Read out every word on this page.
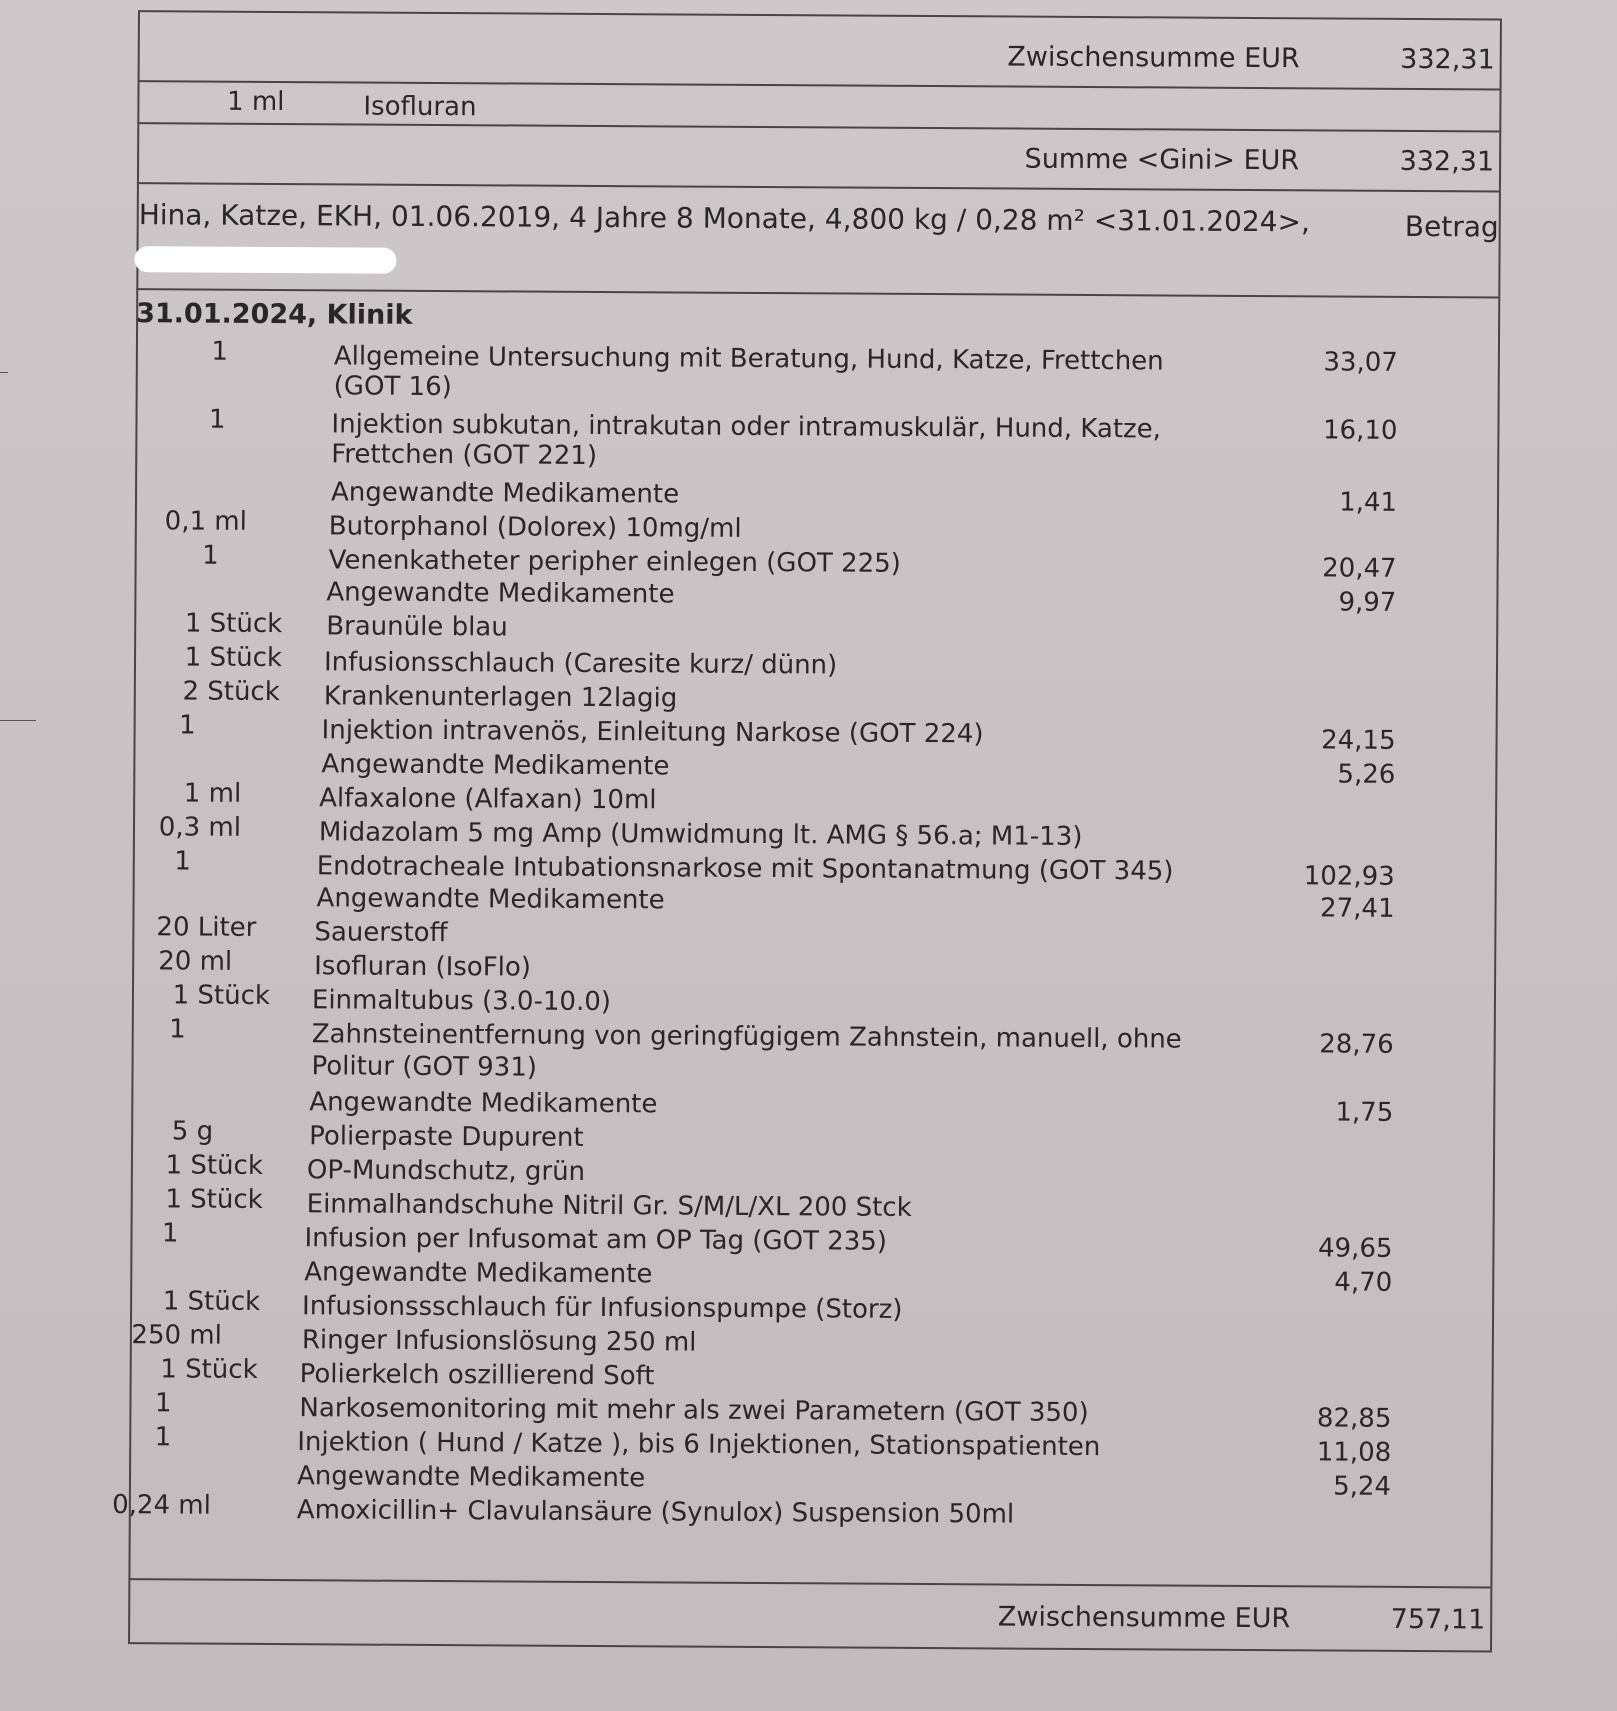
Zwischensumme EUR	332,31
1 ml	Isofluran
Summe <Gini> EUR	332,31
Hina, Katze, EKH, 01.06.2019, 4 Jahre 8 Monate, 4,800 kg / 0,28 m² <31.01.2024>,	Betrag
31.01.2024, Klinik
1	Allgemeine Untersuchung mit Beratung, Hund, Katze, Frettchen	33,07
(GOT 16)
1	Injektion subkutan, intrakutan oder intramuskulär, Hund, Katze,	16,10
Frettchen (GOT 221)
Angewandte Medikamente	1,41
0,1 ml	Butorphanol (Dolorex) 10mg/ml
1	Venenkatheter peripher einlegen (GOT 225)	20,47
Angewandte Medikamente	9,97
1 Stück Braunüle blau
1 Stück Infusionsschlauch (Caresite kurz/ dünn)
2 Stück Krankenunterlagen 12lagig
1	Injektion intravenös, Einleitung Narkose (GOT 224)	24,15
Angewandte Medikamente	5,26
1 ml	Alfaxalone (Alfaxan) 10ml
0,3 ml	Midazolam 5 mg Amp (Umwidmung lt. AMG § 56.a; M1-13)
1	Endotracheale Intubationsnarkose mit Spontanatmung (GOT 345)	102,93
Angewandte Medikamente	27,41
20 Liter Sauerstoff
20 ml	Isofluran (IsoFlo)
1 Stück Einmaltubus (3.0-10.0)
1	Zahnsteinentfernung von geringfügigem Zahnstein, manuell, ohne	28,76
Politur (GOT 931)
Angewandte Medikamente	1,75
5 g	Polierpaste Dupurent
1 Stück OP-Mundschutz, grün
1 Stück Einmalhandschuhe Nitril Gr. S/M/L/XL 200 Stck
1	Infusion per Infusomat am OP Tag (GOT 235)	49,65
Angewandte Medikamente	4,70
1 Stück Infusionssschlauch für Infusionspumpe (Storz)
250 ml	Ringer Infusionslösung 250 ml
1 Stück Polierkelch oszillierend Soft
1	Narkosemonitoring mit mehr als zwei Parametern (GOT 350)	82,85
1	Injektion ( Hund / Katze ), bis 6 Injektionen, Stationspatienten	11,08
Angewandte Medikamente	5,24
0,24 ml	Amoxicillin+ Clavulansäure (Synulox) Suspension 50ml
Zwischensumme EUR	757,11
